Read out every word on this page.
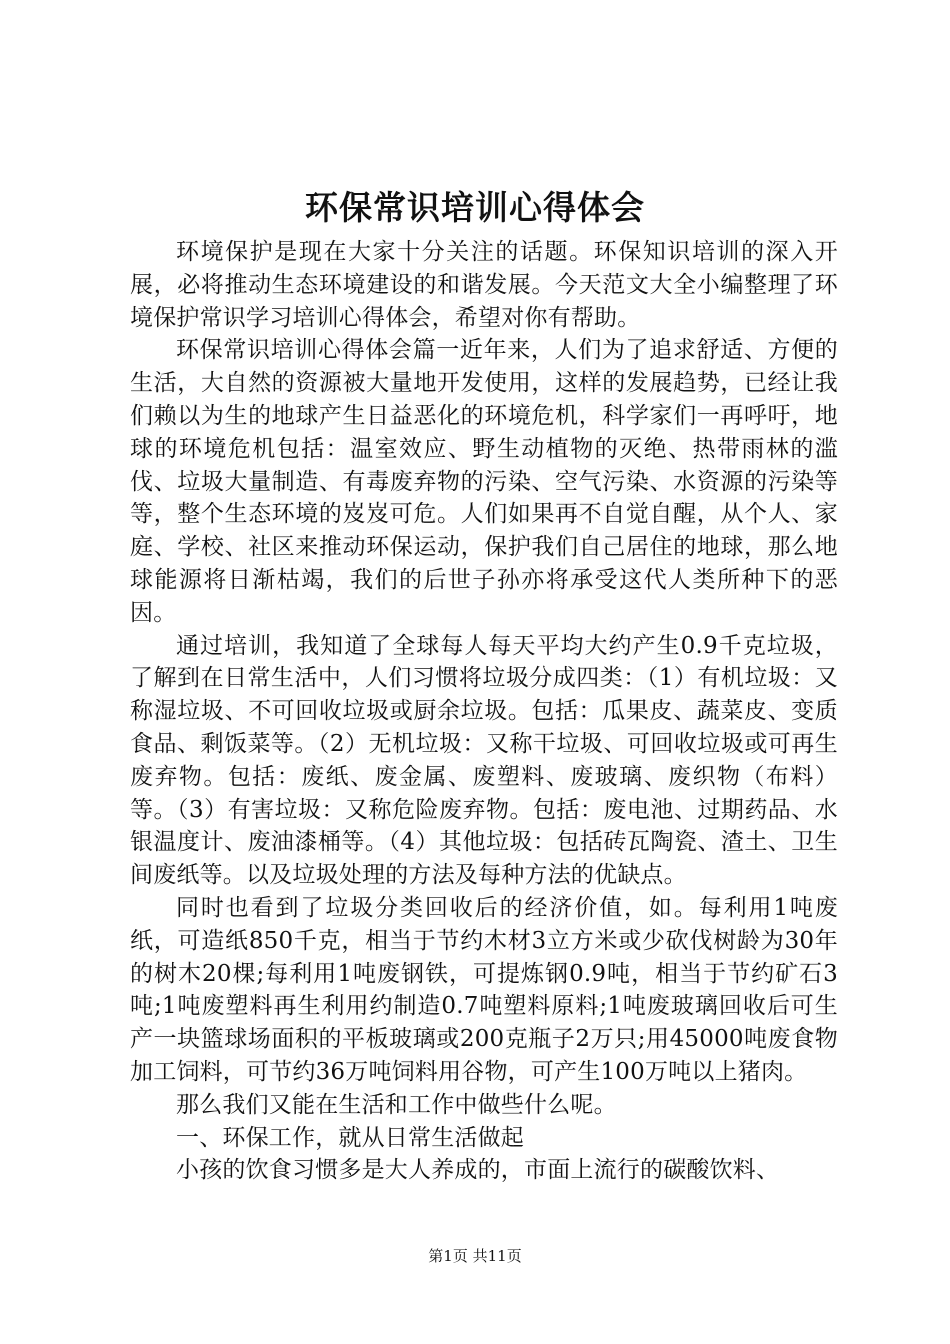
环保常识培训心得体会

环境保护是现在大家十分关注的话题。环保知识培训的深入开展，必将推动生态环境建设的和谐发展。今天范文大全小编整理了环境保护常识学习培训心得体会，希望对你有帮助。

环保常识培训心得体会篇一近年来，人们为了追求舒适、方便的生活，大自然的资源被大量地开发使用，这样的发展趋势，已经让我们赖以为生的地球产生日益恶化的环境危机，科学家们一再呼吁，地球的环境危机包括：温室效应、野生动植物的灭绝、热带雨林的滥伐、垃圾大量制造、有毒废弃物的污染、空气污染、水资源的污染等等，整个生态环境的岌岌可危。人们如果再不自觉自醒，从个人、家庭、学校、社区来推动环保运动，保护我们自己居住的地球，那么地球能源将日渐枯竭，我们的后世子孙亦将承受这代人类所种下的恶因。

通过培训，我知道了全球每人每天平均大约产生0.9千克垃圾，了解到在日常生活中，人们习惯将垃圾分成四类：（1）有机垃圾：又称湿垃圾、不可回收垃圾或厨余垃圾。包括：瓜果皮、蔬菜皮、变质食品、剩饭菜等。（2）无机垃圾：又称干垃圾、可回收垃圾或可再生废弃物。包括：废纸、废金属、废塑料、废玻璃、废织物（布料）等。（3）有害垃圾：又称危险废弃物。包括：废电池、过期药品、水银温度计、废油漆桶等。（4）其他垃圾：包括砖瓦陶瓷、渣土、卫生间废纸等。以及垃圾处理的方法及每种方法的优缺点。

同时也看到了垃圾分类回收后的经济价值，如。每利用1吨废纸，可造纸850千克，相当于节约木材3立方米或少砍伐树龄为30年的树木20棵;每利用1吨废钢铁，可提炼钢0.9吨，相当于节约矿石3吨;1吨废塑料再生利用约制造0.7吨塑料原料;1吨废玻璃回收后可生产一块篮球场面积的平板玻璃或200克瓶子2万只;用45000吨废食物加工饲料，可节约36万吨饲料用谷物，可产生100万吨以上猪肉。

那么我们又能在生活和工作中做些什么呢。

一、环保工作，就从日常生活做起

小孩的饮食习惯多是大人养成的，市面上流行的碳酸饮料、

第1页 共11页
